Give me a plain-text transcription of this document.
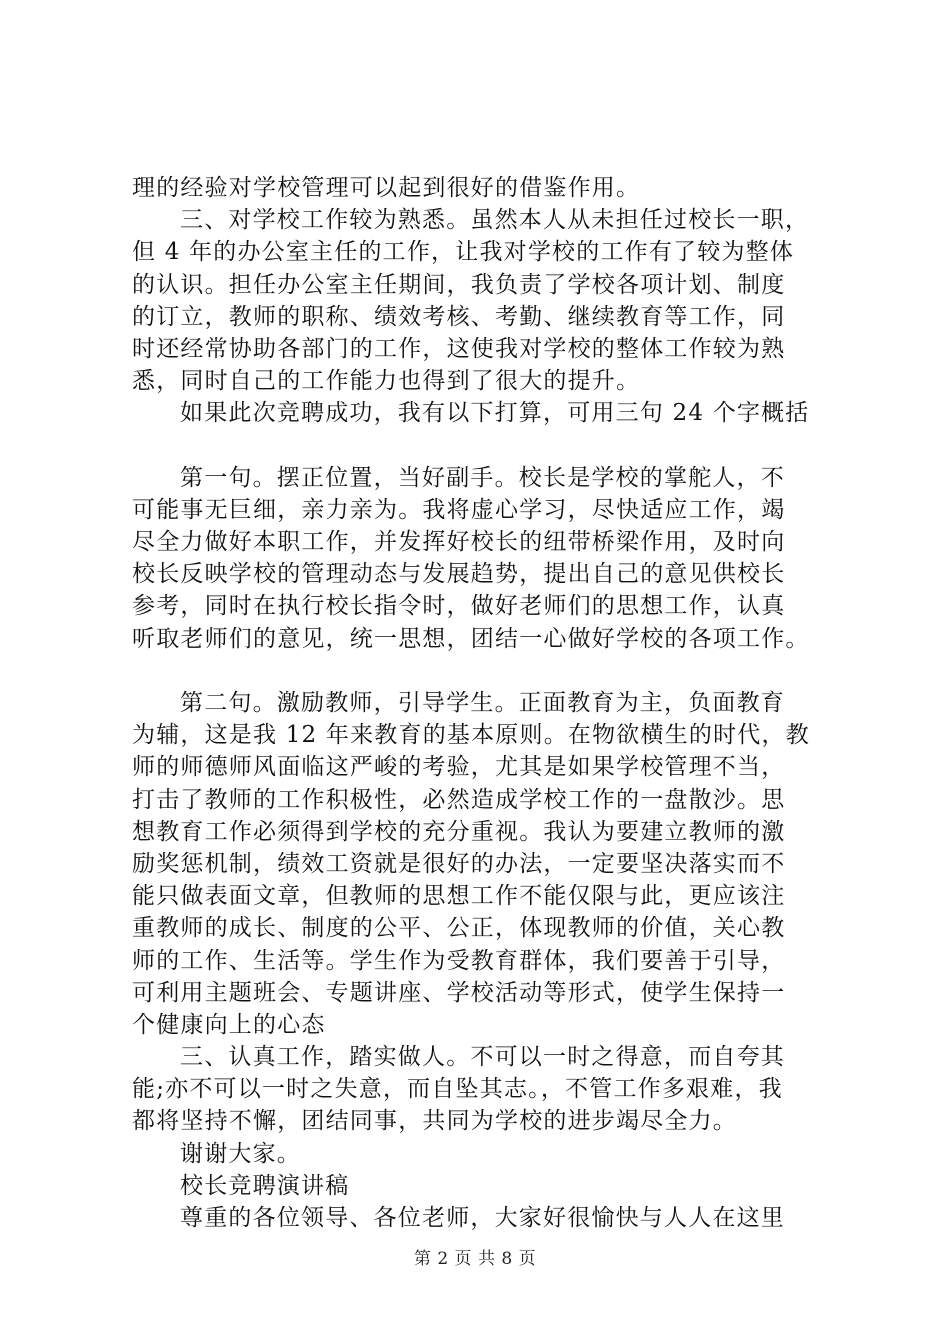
理的经验对学校管理可以起到很好的借鉴作用。
三、对学校工作较为熟悉。虽然本人从未担任过校长一职，
但 4 年的办公室主任的工作，让我对学校的工作有了较为整体
的认识。担任办公室主任期间，我负责了学校各项计划、制度
的订立，教师的职称、绩效考核、考勤、继续教育等工作，同
时还经常协助各部门的工作，这使我对学校的整体工作较为熟
悉，同时自己的工作能力也得到了很大的提升。
如果此次竞聘成功，我有以下打算，可用三句 24 个字概括
第一句。摆正位置，当好副手。校长是学校的掌舵人，不
可能事无巨细，亲力亲为。我将虚心学习，尽快适应工作，竭
尽全力做好本职工作，并发挥好校长的纽带桥梁作用，及时向
校长反映学校的管理动态与发展趋势，提出自己的意见供校长
参考，同时在执行校长指令时，做好老师们的思想工作，认真
听取老师们的意见，统一思想，团结一心做好学校的各项工作。
第二句。激励教师，引导学生。正面教育为主，负面教育
为辅，这是我 12 年来教育的基本原则。在物欲横生的时代，教
师的师德师风面临这严峻的考验，尤其是如果学校管理不当，
打击了教师的工作积极性，必然造成学校工作的一盘散沙。思
想教育工作必须得到学校的充分重视。我认为要建立教师的激
励奖惩机制，绩效工资就是很好的办法，一定要坚决落实而不
能只做表面文章，但教师的思想工作不能仅限与此，更应该注
重教师的成长、制度的公平、公正，体现教师的价值，关心教
师的工作、生活等。学生作为受教育群体，我们要善于引导，
可利用主题班会、专题讲座、学校活动等形式，使学生保持一
个健康向上的心态
三、认真工作，踏实做人。不可以一时之得意，而自夸其
能;亦不可以一时之失意，而自坠其志。，不管工作多艰难，我
都将坚持不懈，团结同事，共同为学校的进步竭尽全力。
谢谢大家。
校长竞聘演讲稿
尊重的各位领导、各位老师，大家好很愉快与人人在这里
第 2 页 共 8 页
